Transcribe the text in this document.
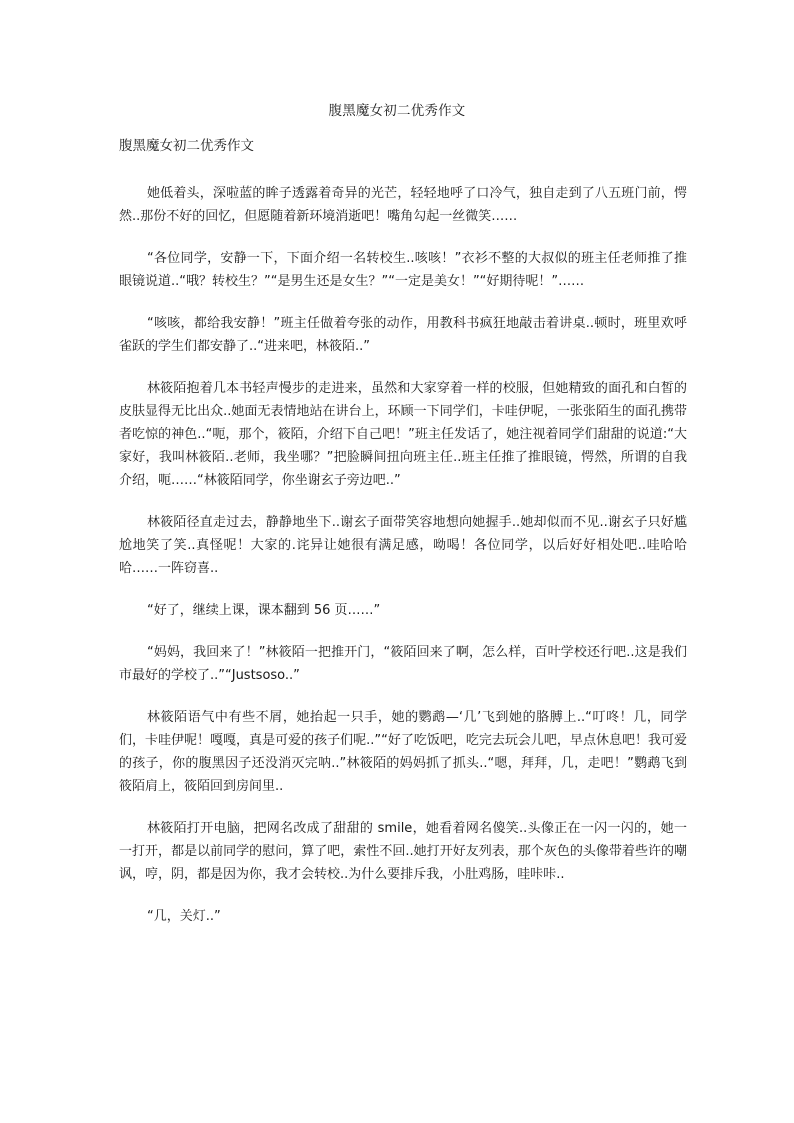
腹黑魔女初二优秀作文
腹黑魔女初二优秀作文

她低着头，深啦蓝的眸子透露着奇异的光芒，轻轻地呼了口冷气，独自走到了八五班门前，愕然..那份不好的回忆，但愿随着新环境消逝吧！嘴角勾起一丝微笑……

“各位同学，安静一下，下面介绍一名转校生..咳咳！”衣衫不整的大叔似的班主任老师推了推眼镜说道..“哦？转校生？”“是男生还是女生？”“一定是美女！”“好期待呢！”……

“咳咳，都给我安静！”班主任做着夸张的动作，用教科书疯狂地敲击着讲桌..顿时，班里欢呼雀跃的学生们都安静了..“进来吧，林筱陌..”

林筱陌抱着几本书轻声慢步的走进来，虽然和大家穿着一样的校服，但她精致的面孔和白皙的皮肤显得无比出众..她面无表情地站在讲台上，环顾一下同学们，卡哇伊呢，一张张陌生的面孔携带者吃惊的神色..“呃，那个，筱陌，介绍下自己吧！”班主任发话了，她注视着同学们甜甜的说道:“大家好，我叫林筱陌..老师，我坐哪？”把脸瞬间扭向班主任..班主任推了推眼镜，愕然，所谓的自我介绍，呃……“林筱陌同学，你坐谢玄子旁边吧..”

林筱陌径直走过去，静静地坐下..谢玄子面带笑容地想向她握手..她却似而不见..谢玄子只好尴尬地笑了笑..真怪呢！大家的.诧异让她很有满足感，呦喝！各位同学，以后好好相处吧..哇哈哈哈……一阵窃喜..

“好了，继续上课，课本翻到 56 页……”

“妈妈，我回来了！”林筱陌一把推开门，“筱陌回来了啊，怎么样，百叶学校还行吧..这是我们市最好的学校了..”“Justsoso..”

林筱陌语气中有些不屑，她抬起一只手，她的鹦鹉—‘几’飞到她的胳膊上..“叮咚！几，同学们，卡哇伊呢！嘎嘎，真是可爱的孩子们呢..”“好了吃饭吧，吃完去玩会儿吧，早点休息吧！我可爱的孩子，你的腹黑因子还没消灭完呐..”林筱陌的妈妈抓了抓头..“嗯，拜拜，几，走吧！”鹦鹉飞到筱陌肩上，筱陌回到房间里..

林筱陌打开电脑，把网名改成了甜甜的 smile，她看着网名傻笑..头像正在一闪一闪的，她一一打开，都是以前同学的慰问，算了吧，索性不回..她打开好友列表，那个灰色的头像带着些许的嘲讽，哼，阴，都是因为你，我才会转校..为什么要排斥我，小肚鸡肠，哇咔咔..

“几，关灯..”
